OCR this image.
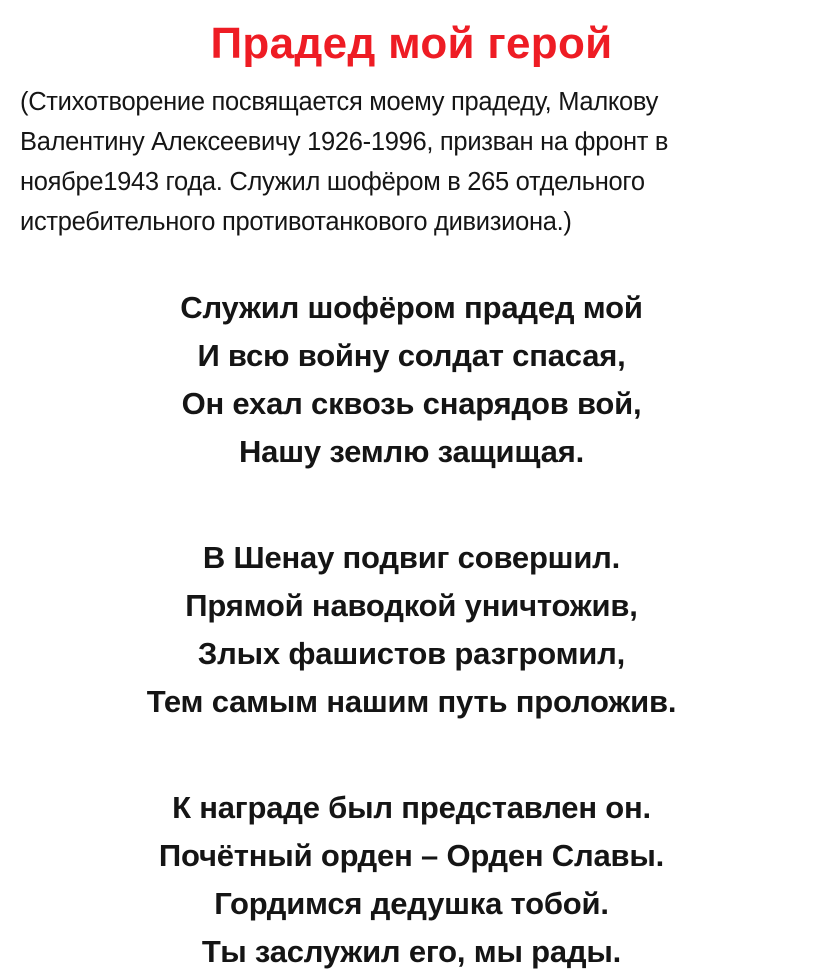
Прадед мой герой
(Стихотворение посвящается моему прадеду, Малкову
Валентину Алексеевичу 1926-1996, призван на фронт в
ноябре1943 года. Служил шофёром в 265 отдельного
истребительного противотанкового дивизиона.)
Служил шофёром прадед мой
И всю войну солдат спасая,
Он ехал сквозь снарядов вой,
Нашу землю защищая.
В Шенау подвиг совершил.
Прямой наводкой уничтожив,
Злых фашистов разгромил,
Тем самым нашим путь проложив.
К награде был представлен он.
Почётный орден – Орден Славы.
Гордимся дедушка тобой.
Ты заслужил его, мы рады.
